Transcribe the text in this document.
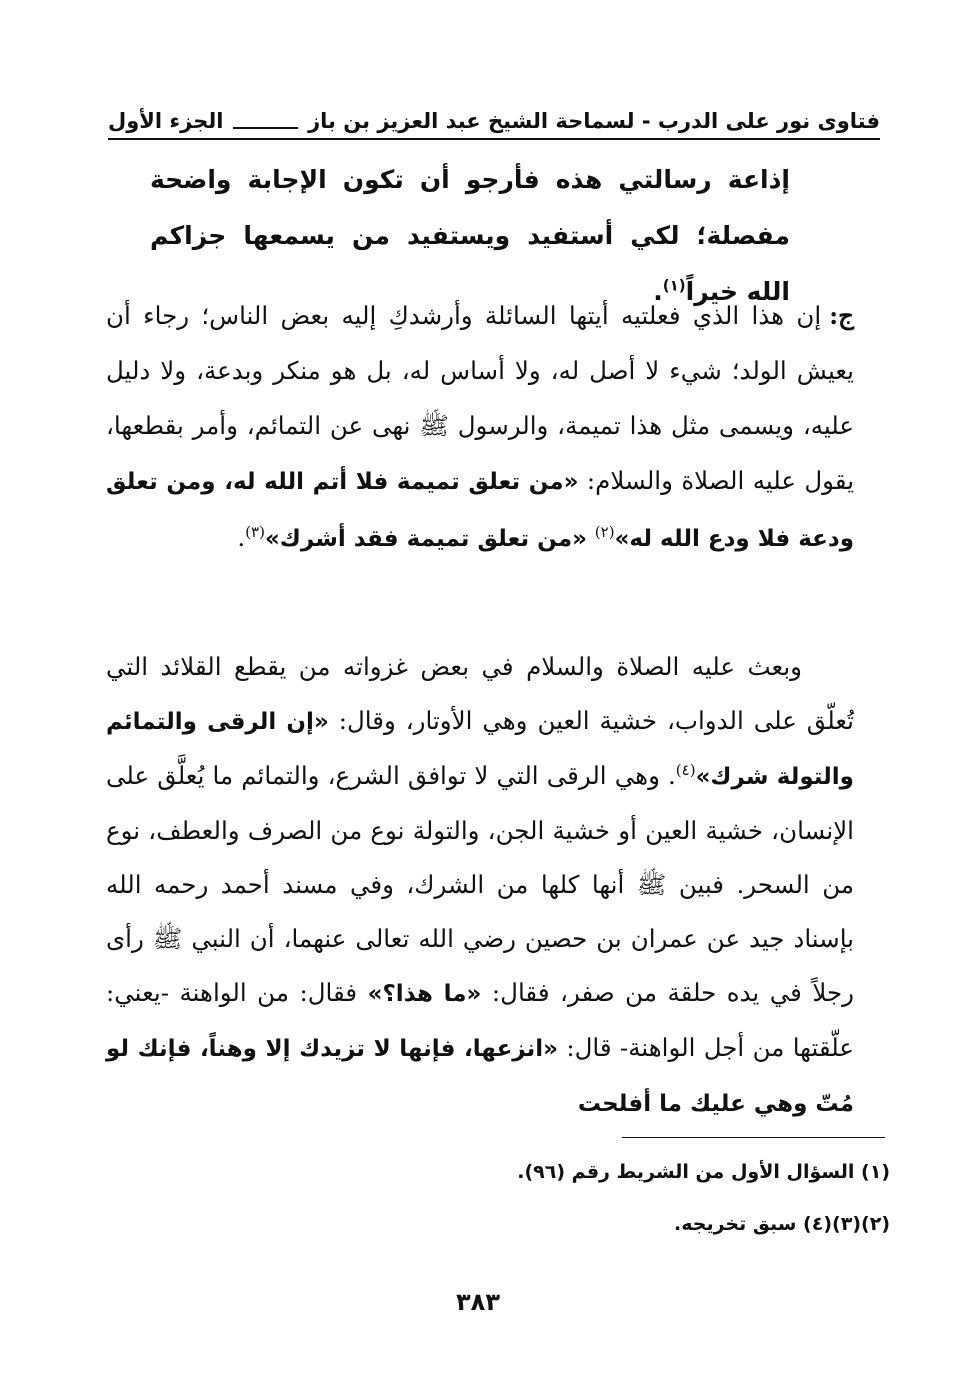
فتاوى نور على الدرب - لسماحة الشيخ عبد العزيز بن باز
الجزء الأول
إذاعة رسالتي هذه فأرجو أن تكون الإجابة واضحة مفصلة؛ لكي أستفيد ويستفيد من يسمعها جزاكم الله خيراً$^{(١)}$.
ج:إن هذا الذي فعلتيه أيتها السائلة وأرشدكِ إليه بعض الناس؛ رجاء أن يعيش الولد؛ شيء لا أصل له، ولا أساس له، بل هو منكر وبدعة، ولا دليل عليه، ويسمى مثل هذا تميمة، والرسول ﷺ نهى عن التمائم، وأمر بقطعها، يقول عليه الصلاة والسلام: «من تعلق تميمة فلا أتم الله له، ومن تعلق ودعة فلا ودع الله له»$^{(٢)}$ «من تعلق تميمة فقد أشرك»$^{(٣)}$.
وبعث عليه الصلاة والسلام في بعض غزواته من يقطع القلائد التي تُعلّق على الدواب، خشية العين وهي الأوتار، وقال: «إن الرقى والتمائم والتولة شرك»$^{(٤)}$. وهي الرقى التي لا توافق الشرع، والتمائم ما يُعلَّق على الإنسان، خشية العين أو خشية الجن، والتولة نوع من الصرف والعطف، نوع من السحر. فبين ﷺ أنها كلها من الشرك، وفي مسند أحمد رحمه الله بإسناد جيد عن عمران بن حصين رضي الله تعالى عنهما، أن النبي ﷺ رأى رجلاً في يده حلقة من صفر، فقال: «ما هذا؟» فقال: من الواهنة -يعني: علّقتها من أجل الواهنة- قال: «انزعها، فإنها لا تزيدك إلا وهناً، فإنك لو مُتّ وهي عليك ما أفلحت
(١) السؤال الأول من الشريط رقم (٩٦).
(٢)(٣)(٤) سبق تخريجه.
٣٨٣
